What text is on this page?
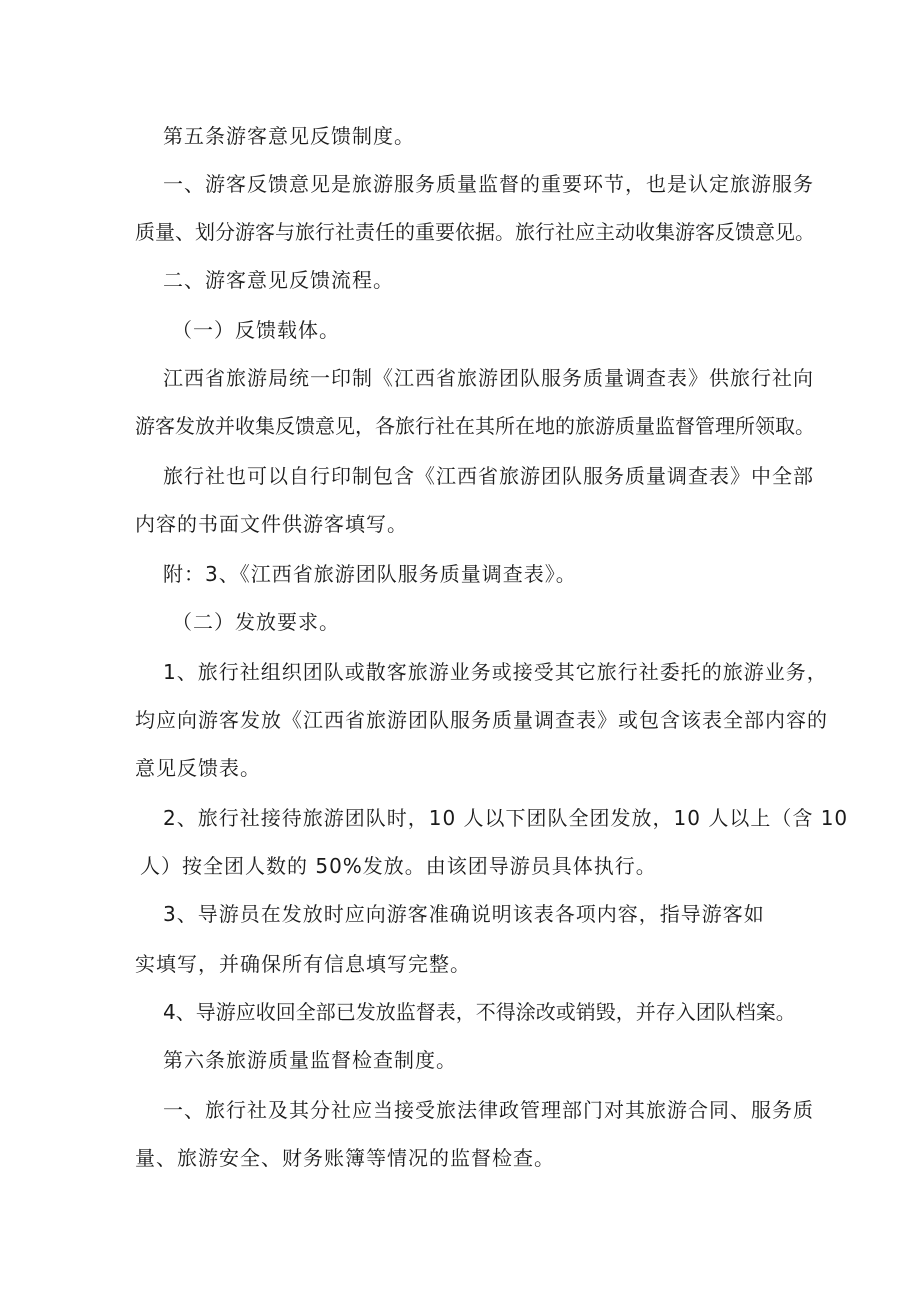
第五条游客意见反馈制度。
一、游客反馈意见是旅游服务质量监督的重要环节，也是认定旅游服务
质量、划分游客与旅行社责任的重要依据。旅行社应主动收集游客反馈意见。
二、游客意见反馈流程。
（一）反馈载体。
江西省旅游局统一印制《江西省旅游团队服务质量调查表》供旅行社向
游客发放并收集反馈意见，各旅行社在其所在地的旅游质量监督管理所领取。
旅行社也可以自行印制包含《江西省旅游团队服务质量调查表》中全部
内容的书面文件供游客填写。
附：3、《江西省旅游团队服务质量调查表》。
（二）发放要求。
1、旅行社组织团队或散客旅游业务或接受其它旅行社委托的旅游业务，
均应向游客发放《江西省旅游团队服务质量调查表》或包含该表全部内容的
意见反馈表。
2、旅行社接待旅游团队时，10 人以下团队全团发放，10 人以上（含 10
人）按全团人数的 50%发放。由该团导游员具体执行。
3、导游员在发放时应向游客准确说明该表各项内容，指导游客如
实填写，并确保所有信息填写完整。
4、导游应收回全部已发放监督表，不得涂改或销毁，并存入团队档案。
第六条旅游质量监督检查制度。
一、旅行社及其分社应当接受旅法律政管理部门对其旅游合同、服务质
量、旅游安全、财务账簿等情况的监督检查。
